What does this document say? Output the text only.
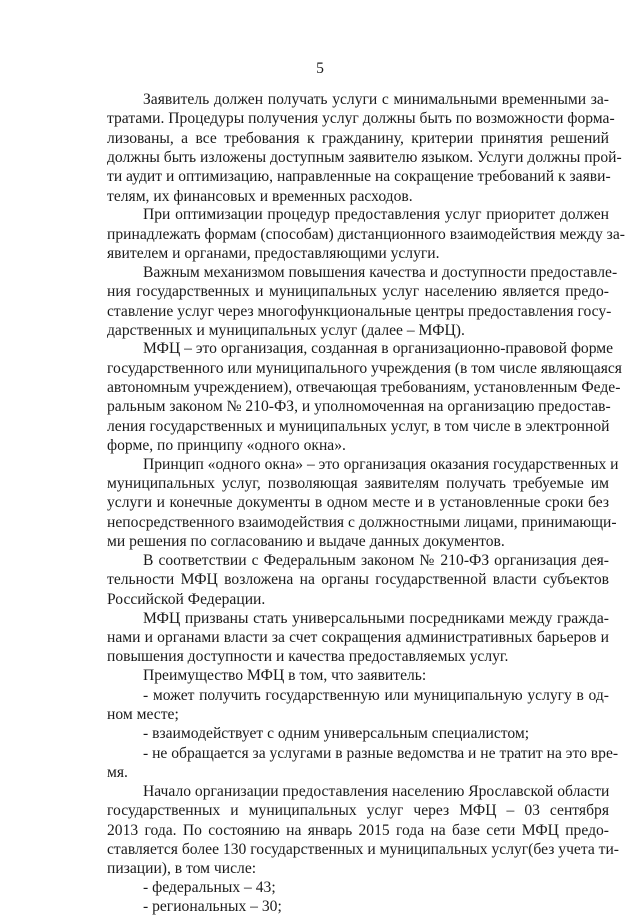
5
Заявитель должен получать услуги с минимальными временными за-
тратами. Процедуры получения услуг должны быть по возможности форма-
лизованы, а все требования к гражданину, критерии принятия решений
должны быть изложены доступным заявителю языком. Услуги должны прой-
ти аудит и оптимизацию, направленные на сокращение требований к заяви-
телям, их финансовых и временных расходов.
При оптимизации процедур предоставления услуг приоритет должен
принадлежать формам (способам) дистанционного взаимодействия между за-
явителем и органами, предоставляющими услуги.
Важным механизмом повышения качества и доступности предоставле-
ния государственных и муниципальных услуг населению является предо-
ставление услуг через многофункциональные центры предоставления госу-
дарственных и муниципальных услуг (далее – МФЦ).
МФЦ – это организация, созданная в организационно-правовой форме
государственного или муниципального учреждения (в том числе являющаяся
автономным учреждением), отвечающая требованиям, установленным Феде-
ральным законом № 210-ФЗ, и уполномоченная на организацию предостав-
ления государственных и муниципальных услуг, в том числе в электронной
форме, по принципу «одного окна».
Принцип «одного окна» – это организация оказания государственных и
муниципальных услуг, позволяющая заявителям получать требуемые им
услуги и конечные документы в одном месте и в установленные сроки без
непосредственного взаимодействия с должностными лицами, принимающи-
ми решения по согласованию и выдаче данных документов.
В соответствии с Федеральным законом № 210-ФЗ организация дея-
тельности МФЦ возложена на органы государственной власти субъектов
Российской Федерации.
МФЦ призваны стать универсальными посредниками между гражда-
нами и органами власти за счет сокращения административных барьеров и
повышения доступности и качества предоставляемых услуг.
Преимущество МФЦ в том, что заявитель:
- может получить государственную или муниципальную услугу в од-
ном месте;
- взаимодействует с одним универсальным специалистом;
- не обращается за услугами в разные ведомства и не тратит на это вре-
мя.
Начало организации предоставления населению Ярославской области
государственных и муниципальных услуг через МФЦ – 03 сентября
2013 года. По состоянию на январь 2015 года на базе сети МФЦ предо-
ставляется более 130 государственных и муниципальных услуг(без учета ти-
пизации), в том числе:
- федеральных – 43;
- региональных – 30;
